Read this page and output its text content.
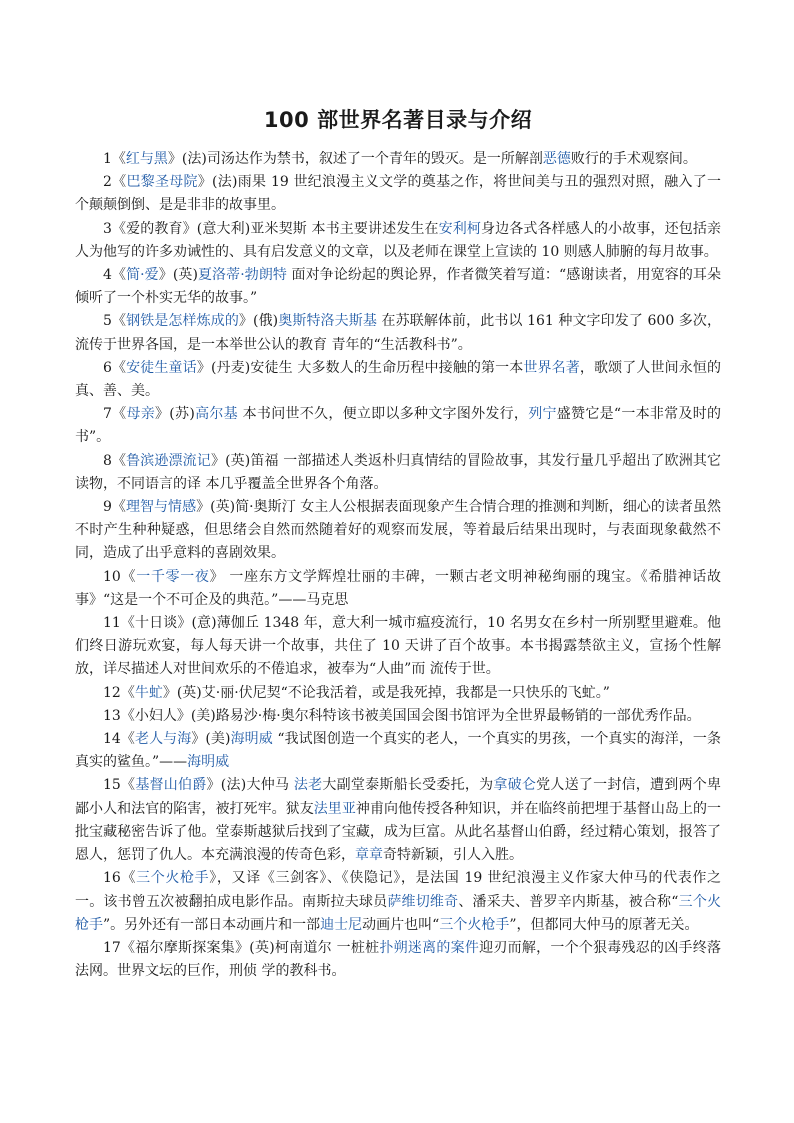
100 部世界名著目录与介绍

1《红与黑》(法)司汤达作为禁书，叙述了一个青年的毁灭。是一所解剖恶德败行的手术观察间。

2《巴黎圣母院》(法)雨果 19 世纪浪漫主义文学的奠基之作，将世间美与丑的强烈对照，融入了一个颠颠倒倒、是是非非的故事里。

3《爱的教育》(意大利)亚米契斯 本书主要讲述发生在安利柯身边各式各样感人的小故事，还包括亲人为他写的许多劝诫性的、具有启发意义的文章，以及老师在课堂上宣读的 10 则感人肺腑的每月故事。

4《简·爱》(英)夏洛蒂·勃朗特 面对争论纷起的舆论界，作者微笑着写道：“感谢读者，用宽容的耳朵倾听了一个朴实无华的故事。”

5《钢铁是怎样炼成的》(俄)奥斯特洛夫斯基 在苏联解体前，此书以 161 种文字印发了 600 多次，流传于世界各国，是一本举世公认的教育 青年的“生活教科书”。

6《安徒生童话》(丹麦)安徒生 大多数人的生命历程中接触的第一本世界名著，歌颂了人世间永恒的真、善、美。

7《母亲》(苏)高尔基 本书问世不久，便立即以多种文字图外发行，列宁盛赞它是“一本非常及时的书”。

8《鲁滨逊漂流记》(英)笛福 一部描述人类返朴归真情结的冒险故事，其发行量几乎超出了欧洲其它读物，不同语言的译 本几乎覆盖全世界各个角落。

9《理智与情感》(英)简·奥斯汀 女主人公根据表面现象产生合情合理的推测和判断，细心的读者虽然不时产生种种疑惑，但思绪会自然而然随着好的观察而发展，等着最后结果出现时，与表面现象截然不同，造成了出乎意料的喜剧效果。

10《一千零一夜》 一座东方文学辉煌壮丽的丰碑，一颗古老文明神秘绚丽的瑰宝。《希腊神话故事》“这是一个不可企及的典范。”——马克思

11《十日谈》(意)薄伽丘 1348 年，意大利一城市瘟疫流行，10 名男女在乡村一所别墅里避难。他们终日游玩欢宴，每人每天讲一个故事，共住了 10 天讲了百个故事。本书揭露禁欲主义，宣扬个性解放，详尽描述人对世间欢乐的不倦追求，被奉为“人曲”而 流传于世。

12《牛虻》(英)艾·丽·伏尼契“不论我活着，或是我死掉，我都是一只快乐的飞虻。”

13《小妇人》(美)路易沙·梅·奥尔科特该书被美国国会图书馆评为全世界最畅销的一部优秀作品。

14《老人与海》(美)海明威 “我试图创造一个真实的老人，一个真实的男孩，一个真实的海洋，一条真实的鲨鱼。”——海明威

15《基督山伯爵》(法)大仲马 法老大副堂泰斯船长受委托，为拿破仑党人送了一封信，遭到两个卑鄙小人和法官的陷害，被打死牢。狱友法里亚神甫向他传授各种知识，并在临终前把埋于基督山岛上的一批宝藏秘密告诉了他。堂泰斯越狱后找到了宝藏，成为巨富。从此名基督山伯爵，经过精心策划，报答了恩人，惩罚了仇人。本充满浪漫的传奇色彩，章章奇特新颖，引人入胜。

16《三个火枪手》，又译《三剑客》、《侠隐记》，是法国 19 世纪浪漫主义作家大仲马的代表作之一。该书曾五次被翻拍成电影作品。南斯拉夫球员萨维切维奇、潘采夫、普罗辛内斯基，被合称“三个火枪手”。另外还有一部日本动画片和一部迪士尼动画片也叫“三个火枪手”，但都同大仲马的原著无关。

17《福尔摩斯探案集》(英)柯南道尔 一桩桩扑朔迷离的案件迎刃而解，一个个狠毒残忍的凶手终落法网。世界文坛的巨作，刑侦 学的教科书。
